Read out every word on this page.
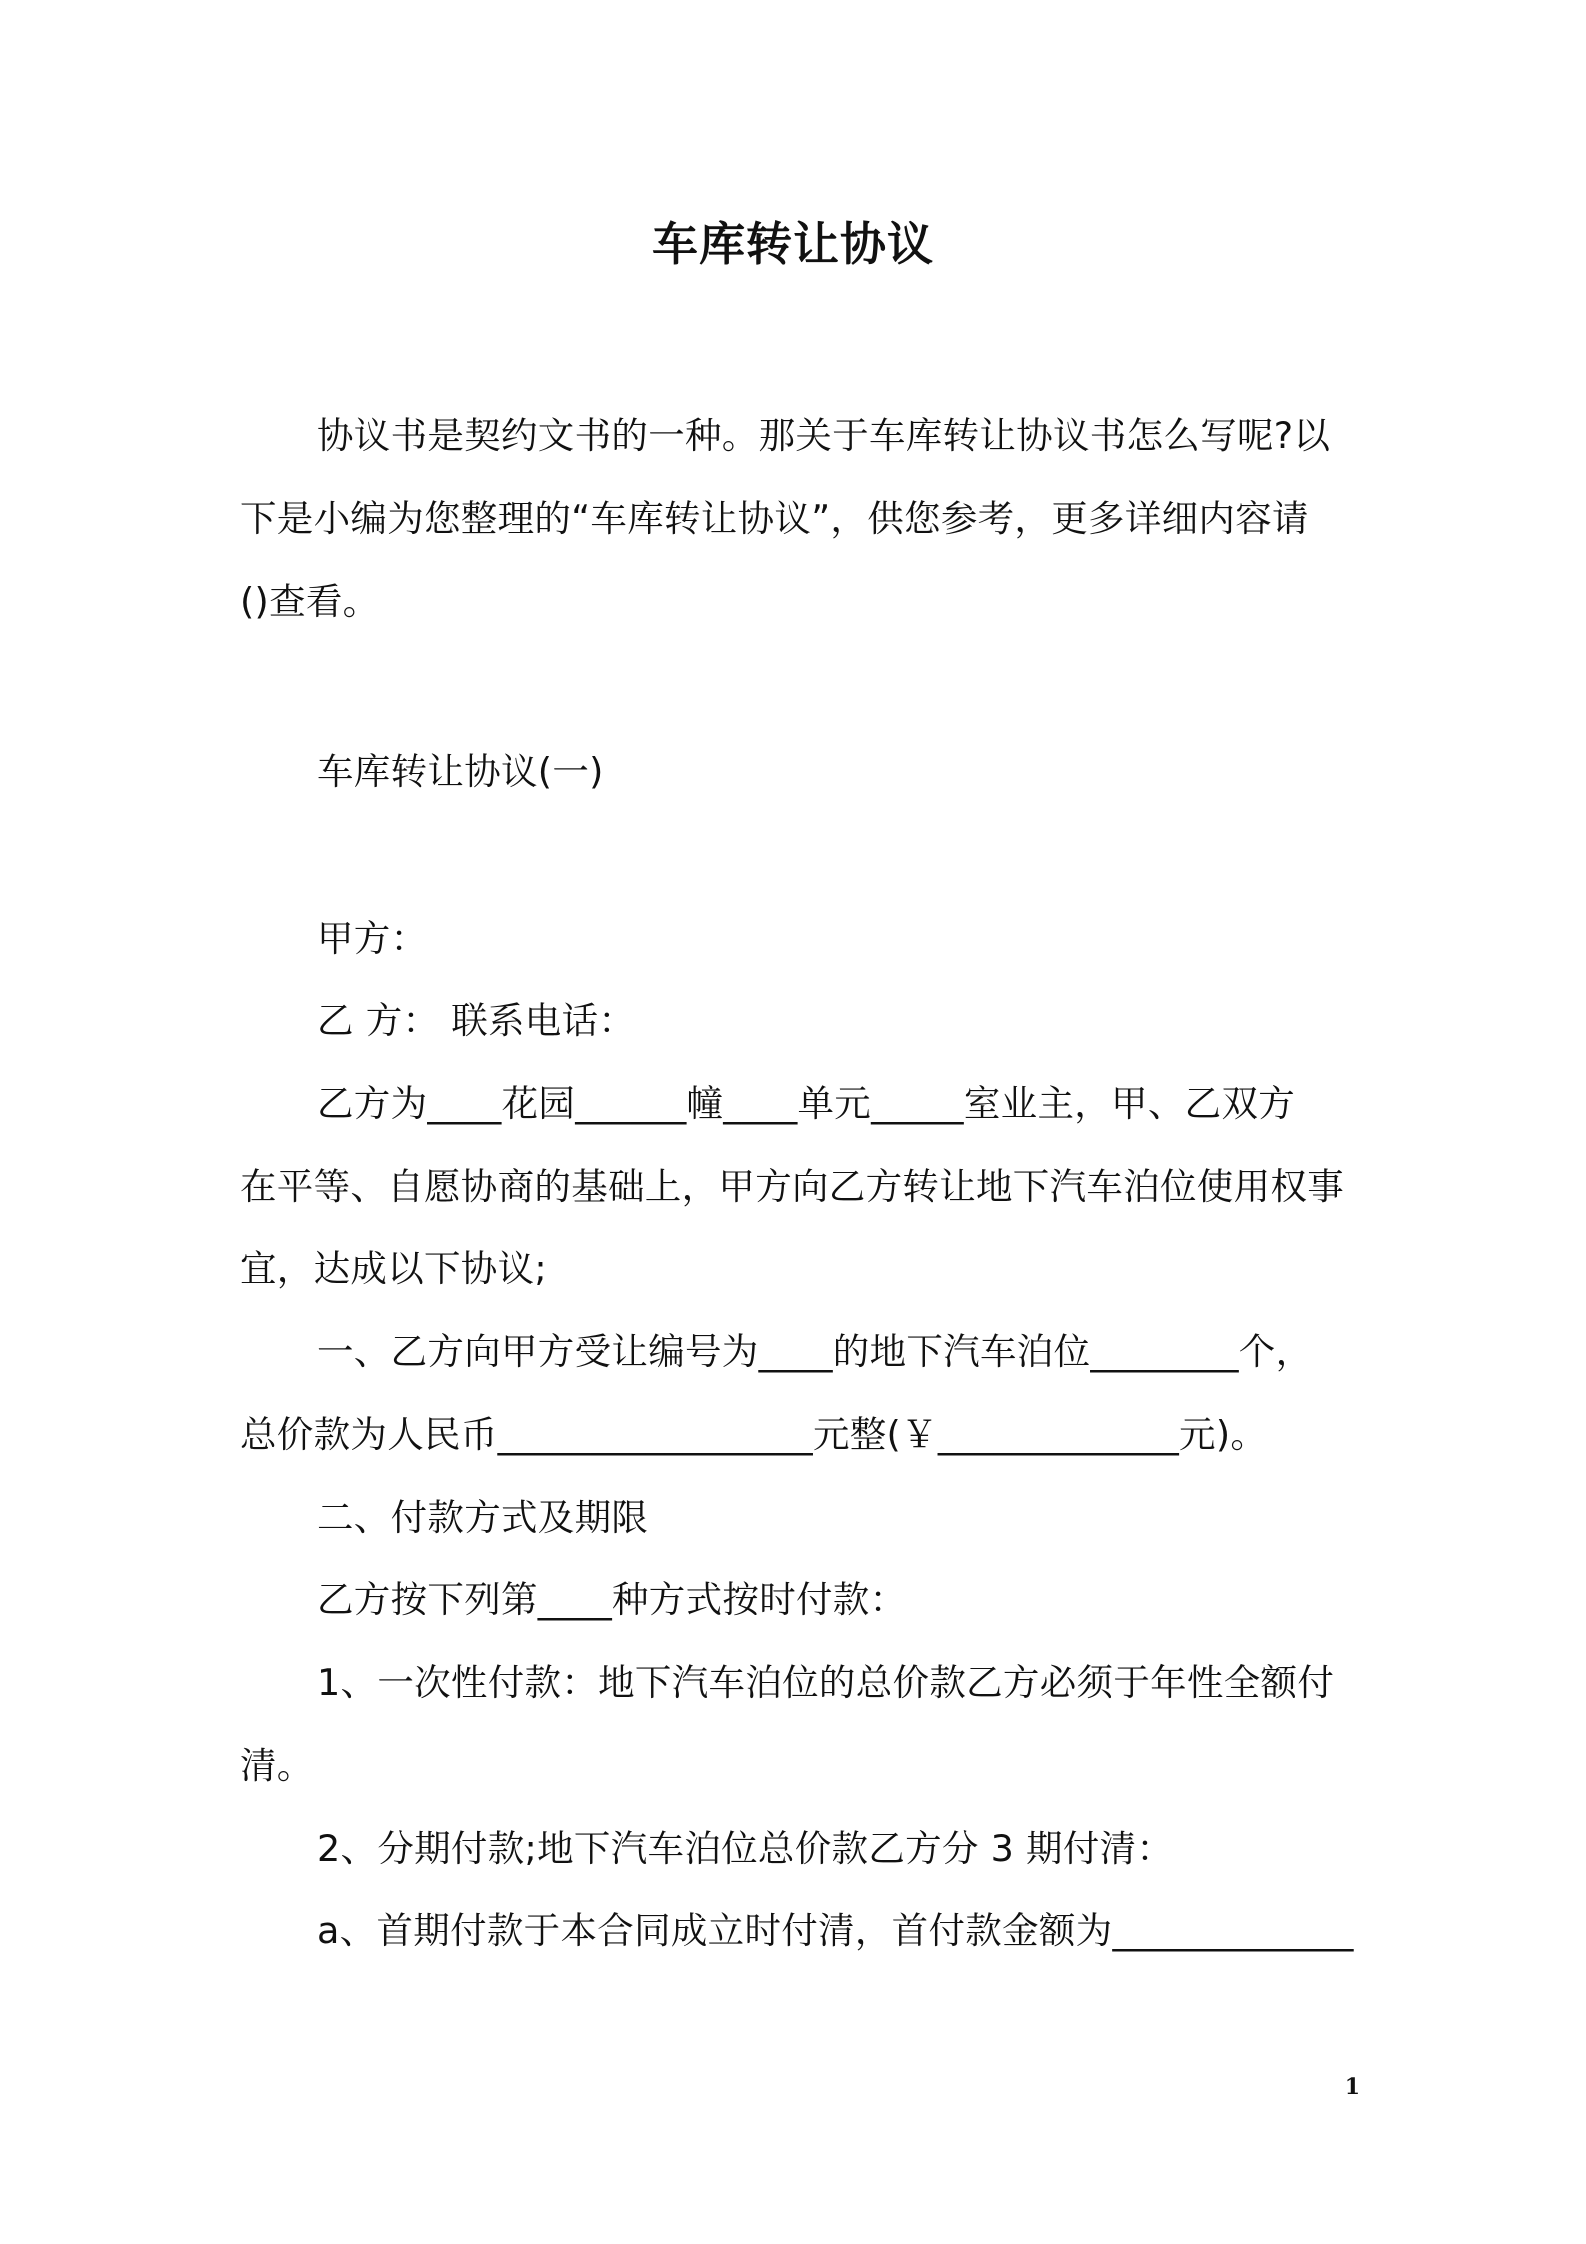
车库转让协议
协议书是契约文书的一种。那关于车库转让协议书怎么写呢?以
下是小编为您整理的“车库转让协议”，供您参考，更多详细内容请
()查看。
车库转让协议(一)
甲方：
乙 方： 联系电话：
乙方为____花园______幢____单元_____室业主，甲、乙双方
在平等、自愿协商的基础上，甲方向乙方转让地下汽车泊位使用权事
宜，达成以下协议;
一、乙方向甲方受让编号为____的地下汽车泊位________个，
总价款为人民币_________________元整(￥_____________元)。
二、付款方式及期限
乙方按下列第____种方式按时付款：
1、一次性付款：地下汽车泊位的总价款乙方必须于年性全额付
清。
2、分期付款;地下汽车泊位总价款乙方分 3 期付清：
a、首期付款于本合同成立时付清，首付款金额为_____________
1
